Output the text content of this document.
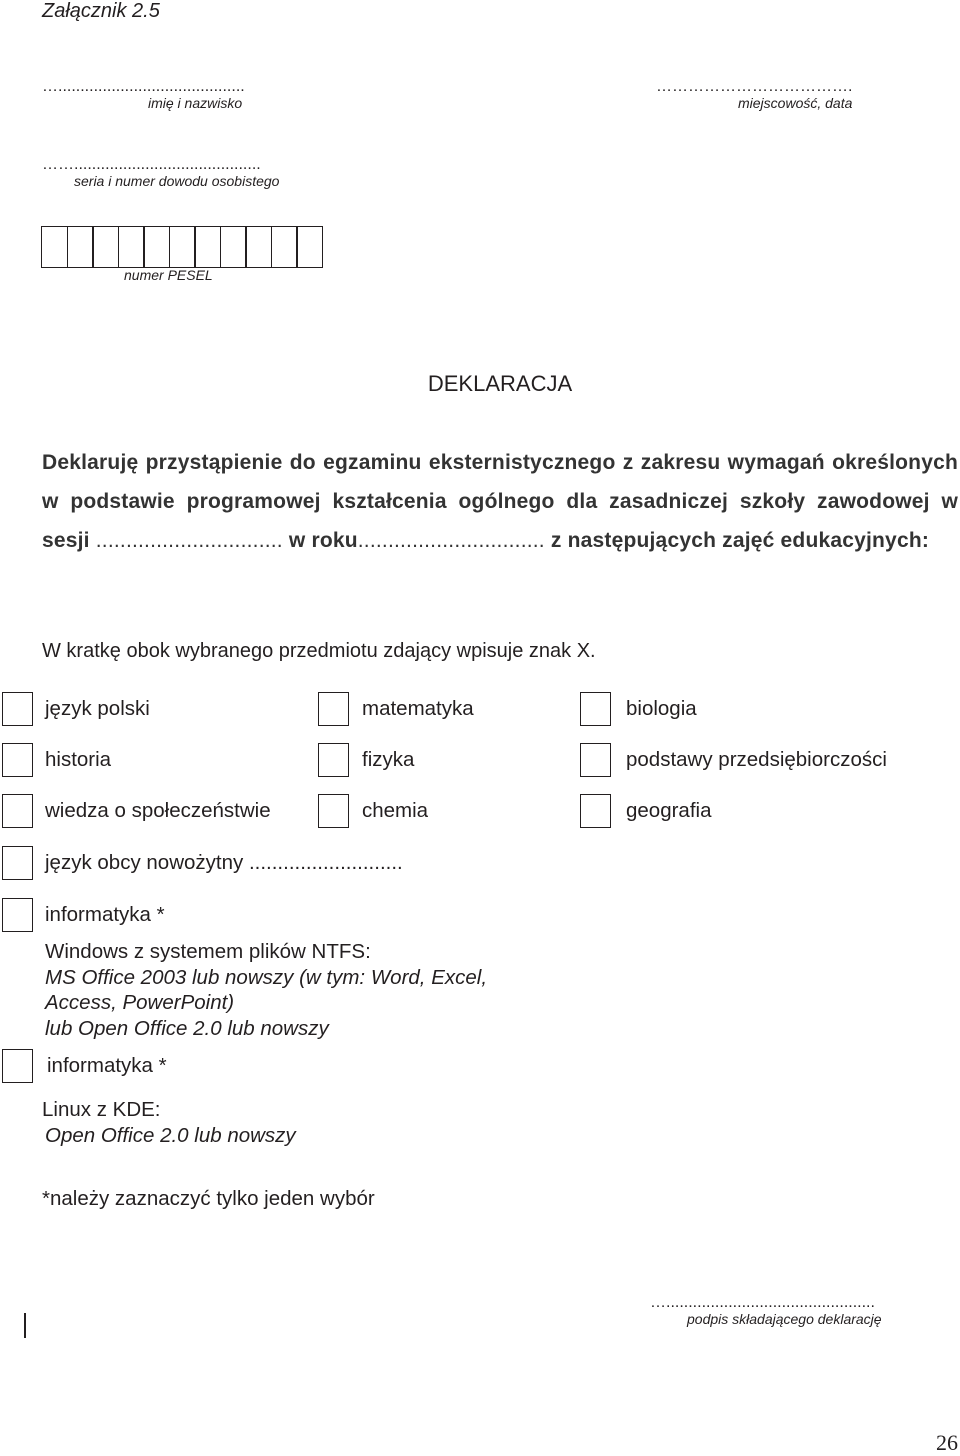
Załącznik 2.5
…..........................................
imię i nazwisko
……………………………….
miejscowość, data
……..........................................
seria i numer dowodu osobistego
numer PESEL
DEKLARACJA
Deklaruję przystąpienie do egzaminu eksternistycznego z zakresu wymagań określonych w podstawie programowej kształcenia ogólnego dla zasadniczej szkoły zawodowej w sesji ............................... w roku............................... z następujących zajęć edukacyjnych:
W kratkę obok wybranego przedmiotu zdający wpisuje znak X.
język polski	matematyka	biologia
historia	fizyka	podstawy przedsiębiorczości
wiedza o społeczeństwie	chemia	geografia
język obcy nowożytny ...........................
informatyka *
Windows z systemem plików NTFS:
MS Office 2003 lub nowszy (w tym: Word, Excel,
Access, PowerPoint)
lub Open Office 2.0 lub nowszy
informatyka *
Linux z KDE:
Open Office 2.0 lub nowszy
*należy zaznaczyć tylko jeden wybór
…...............................................
podpis składającego deklarację
26
